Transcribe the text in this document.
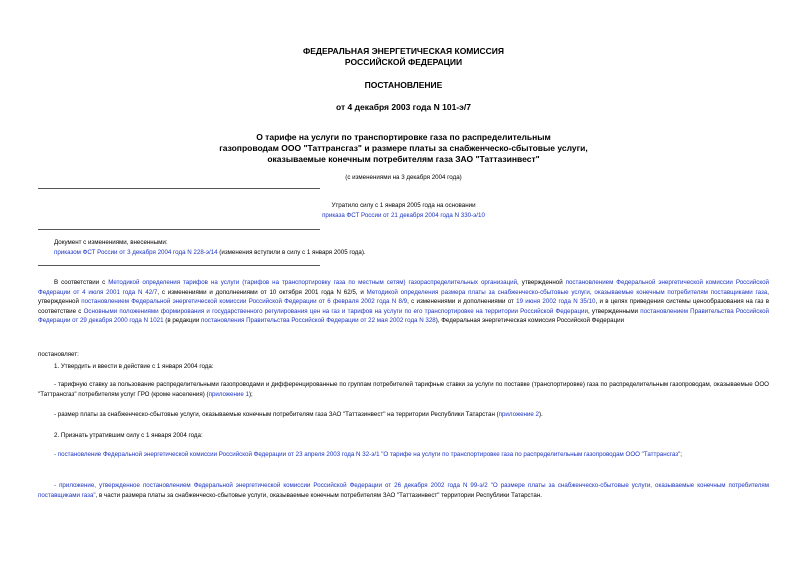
ФЕДЕРАЛЬНАЯ ЭНЕРГЕТИЧЕСКАЯ КОМИССИЯ
РОССИЙСКОЙ ФЕДЕРАЦИИ
ПОСТАНОВЛЕНИЕ
от 4 декабря 2003 года N 101-э/7
О тарифе на услуги по транспортировке газа по распределительным
газопроводам ООО "Таттрансгаз" и размере платы за снабженческо-сбытовые услуги,
оказываемые конечным потребителям газа ЗАО "Таттазинвест"
(с изменениями на 3 декабря 2004 года)
Утратило силу с 1 января 2005 года на основании
приказа ФСТ России от 21 декабря 2004 года N 330-э/10
Документ с изменениями, внесенными:
приказом ФСТ России от 3 декабря 2004 года N 228-э/14 (изменения вступили в силу с 1 января 2005 года).
В соответствии с Методикой определения тарифов на услуги (тарифов на транспортировку газа по местным сетям) газораспределительных организаций, утвержденной постановлением Федеральной энергетической комиссии Российской Федерации от 4 июля 2001 года N 42/7, с изменениями и дополнениями от 10 октября 2001 года N 62/5, и Методикой определения размера платы за снабженческо-сбытовые услуги, оказываемые конечным потребителям поставщиками газа, утвержденной постановлением Федеральной энергетической комиссии Российской Федерации от 6 февраля 2002 года N 8/9, с изменениями и дополнениями от 19 июня 2002 года N 35/10, и в целях приведения системы ценообразования на газ в соответствие с Основными положениями формирования и государственного регулирования цен на газ и тарифов на услуги по его транспортировке на территории Российской Федерации, утвержденными постановлением Правительства Российской Федерации от 29 декабря 2000 года N 1021 (в редакции постановления Правительства Российской Федерации от 22 мая 2002 года N 328), Федеральная энергетическая комиссия Российской Федерации
постановляет:
1. Утвердить и ввести в действие с 1 января 2004 года:
- тарифную ставку за пользование распределительными газопроводами и дифференцированные по группам потребителей тарифные ставки за услуги по поставке (транспортировке) газа по распределительным газопроводам, оказываемые ООО "Таттрансгаз" потребителям услуг ГРО (кроме населения) (приложение 1);
- размер платы за снабженческо-сбытовые услуги, оказываемые конечным потребителям газа ЗАО "Таттазинвест" на территории Республики Татарстан (приложение 2).
2. Признать утратившим силу с 1 января 2004 года:
- постановление Федеральной энергетической комиссии Российской Федерации от 23 апреля 2003 года N 32-э/1 "О тарифе на услуги по транспортировке газа по распределительным газопроводам ООО "Таттрансгаз";
- приложение, утвержденное постановлением Федеральной энергетической комиссии Российской Федерации от 26 декабря 2002 года N 99-э/2 "О размере платы за снабженческо-сбытовые услуги, оказываемые конечным потребителям поставщиками газа", в части размера платы за снабженческо-сбытовые услуги, оказываемые конечным потребителям ЗАО "Таттазинвест" территории Республики Татарстан.
